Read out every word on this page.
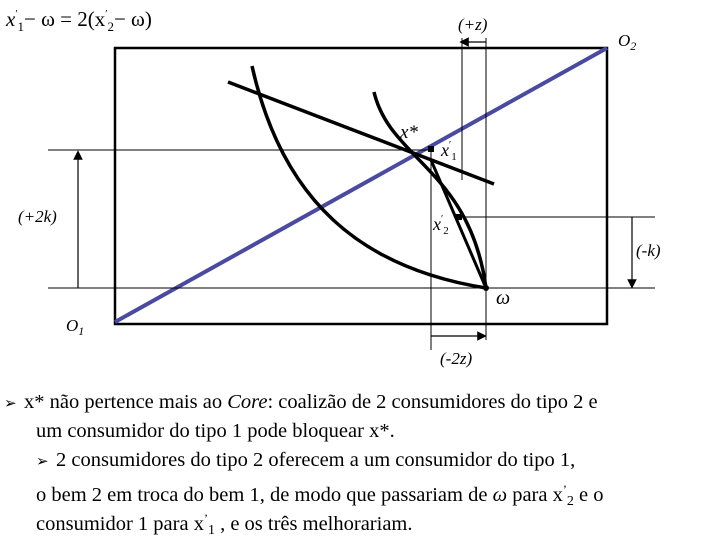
$x'_1- \omega = 2(x'_2- \omega)$	(+z)
$O_2$
(+2k)
(-k)
$O_1$
(-2z)
x*
$x'_1$
$x'_2$
ω
➢ x* não pertence mais ao Core: coalizão de 2 consumidores do tipo 2 e
um consumidor do tipo 1 pode bloquear x*.
➢ 2 consumidores do tipo 2 oferecem a um consumidor do tipo 1,
o bem 2 em troca do bem 1, de modo que passariam de ω para $x^’_2$ e o
consumidor 1 para $x^’_1$ , e os três melhorariam.
